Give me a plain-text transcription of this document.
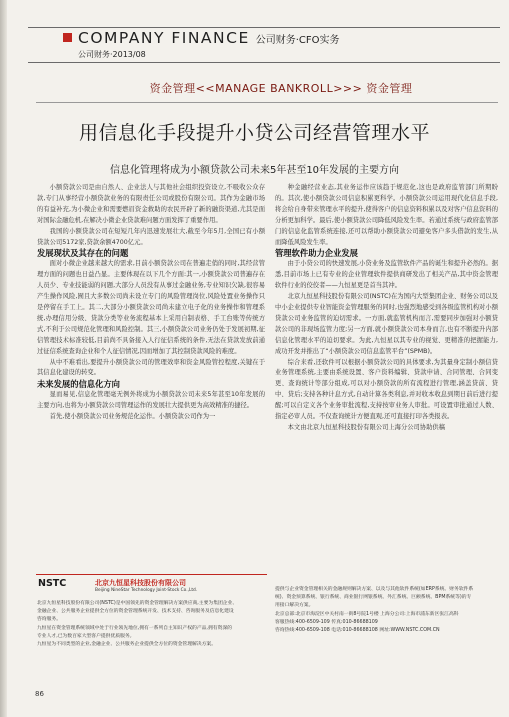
COMPANY FINANCE 公司财务·CFO实务
公司财务·2013/08
资金管理<<MANAGE BANKROLL>>> 资金管理
用信息化手段提升小贷公司经营管理水平
信息化管理将成为小额贷款公司未来5年甚至10年发展的主要方向

小额贷款公司是由自然人、企业法人与其他社会组织投资设立,不吸收公众存款,专门从事经营小额贷款业务的有限责任公司或股份有限公司。其作为金融市场的有益补充,为小微企业和需要燃眉资金救助的农民开辟了新的融资渠道,尤其是面对国际金融危机,在解决小微企业贷款难问题方面发挥了重要作用。

我国的小额贷款公司在短短几年内迅速发展壮大,截至今年5月,全国已有小额贷款公司5172家,贷款余额4700亿元。

发展现状及其存在的问题

面对小微企业越来越大的需求,目前小额贷款公司在普遍走俏的同时,其经营管理方面的问题也日益凸显。主要体现在以下几个方面:其一,小额贷款公司普遍存在人员少、专业技能弱的问题,大部分人员没有从事过金融业务,专业知识欠缺,很容易产生操作风险,囿且大多数公司尚未设立专门的风险管理岗位,风险处置业务操作只是停留在手工上。其二,大部分小额贷款公司尚未建立电子化的业务操作和管理系统,办理信用分级、贷款分类等业务流程基本上采用自制表格、手工台账等传统方式,不利于公司规范化管理和风险控制。其三,小额贷款公司业务仍处于发展初期,征信管理技术标准较低,目前尚不具备接入人行征信系统的条件,无法在贷款发放前通过征信系统查询企业和个人征信情况,因而增加了其控制贷款风险的难度。

从中不难看出,要提升小额贷款公司的管理效率和资金风险管控程度,关键在于其信息化建设的转变。

未来发展的信息化方向

显而易见,信息化管理毫无例外将成为小额贷款公司未来5年甚至10年发展的主要方向,也将为小额贷款公司管理运作的发展壮大提供更为高效精准的捷径。

首先,使小额贷款公司业务规范化运作。小额贷款公司作为一

种金融经营业态,其业务运作应该趋于规范化,这也是政府监管部门所期盼的。其次,使小额贷款公司信息积累更科学。小额贷款公司运用现代化信息手段,将会给自身带来管理水平的提升,使得客户的信息资料积累以及对客户信息资料的分析更加科学。最后,使小额贷款公司降低风险发生率。若通过系统与政府监管部门的信息化监管系统连接,还可以帮助小额贷款公司避免客户多头借款的发生,从而降低风险发生率。

管理软件助力企业发展

由于小贷公司的快速发展,小贷业务及监管软件产品的诞生和提升必然的。据悉,目前市场上已有专业的企业管理软件提供商研发出了相关产品,其中资金管理软件行业的佼佼者——九恒星更是首当其冲。

北京九恒星科技股份有限公司(NSTC)在为国内大型集团企业、财务公司以及中小企业提供专业智能资金管理服务的同时,也强烈地感受到各级监管机构对小额贷款公司业务监管的迫切需求。一方面,就监管机构而言,需要同步加强对小额贷款公司的非现场监管力度;另一方面,就小额贷款公司本身而言,也有不断提升内部信息化管理水平的迫切要求。为此,九恒星以其专业的视觉、更精准的把握能力,成功开发并推出了“小额贷款公司信息监管平台”(SPMB)。

综合来看,还软件可以根据小额贷款公司的具体要求,为其量身定制小额信贷业务管理系统,主要由系统设置、客户资料编辑、贷款申请、合同管理、合同变更、查询统计等部分组成,可以对小额贷款的所有流程进行管理,涵盖贷前、贷中、贷后;支持各种计息方式,自动计算各类利息,并对收本收息到期日前后进行提醒;可以自定义各个业务审批流程,支持按审业务人审批。可设置审批通过人数、指定必审人员。不仅查询统计方便直观,还可直接打印各类报表。

本文由北京九恒星科技股份有限公司上海分公司协助供稿

NSTC	北京九恒星科技股份有限公司
Beijing NineStar Technology Joint-Stock Co.,Ltd.

北京九恒星科技股份有限公司(NSTC)是中国领先的资金管理解决方案供应商,主要为集团企业、

金融企业、公共服务企业提供全方位的资金管理系统开发、技术支持、咨询服务及信息化建设

咨询服务。

九恒星在资金管理系统领域中处于行业领先地位,拥有一系列自主知识产权的产品,拥有资深的

专业人才,已为数百家大型客户提供优质服务。

九恒星为不同类型的企业,金融企业、公共服务企业提供全方位的资金管理解决方案。

提供与企业资金管理相关的金融规则解决方案、以及与其他软件系统(如ERP系统、财务软件系

统)、资金预算系统、银行系统、商业银行网银系统、外汇系统、巨额系统、BPM系统等)的专

用接口解决方案。

北京总部:北京市海淀区中关村南一街8号院1号楼 上海分公司:上海市浦东新区张江高科

客服热线:400-6509-109 传真:010-86688109

咨询热线:400-6509-108 电话:010-86688108 网址:WWW.NSTC.COM.CN

86
